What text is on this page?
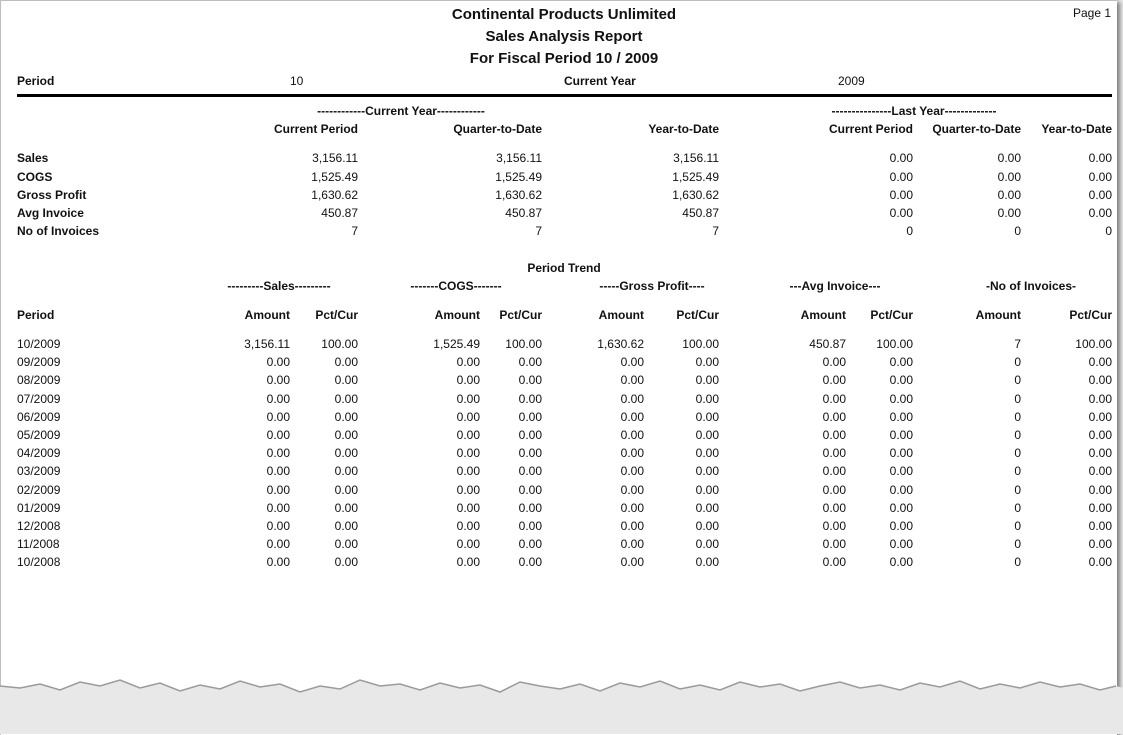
Page 1
Continental Products Unlimited
Sales Analysis Report
For Fiscal Period 10 / 2009
Period	10	Current Year	2009
------------Current Year------------	---------------Last Year-------------
Current Period	Quarter-to-Date	Year-to-Date	Current Period Quarter-to-Date Year-to-Date
Sales	3,156.11	3,156.11	3,156.11	0.00	0.00	0.00
COGS	1,525.49	1,525.49	1,525.49	0.00	0.00	0.00
Gross Profit	1,630.62	1,630.62	1,630.62	0.00	0.00	0.00
Avg Invoice	450.87	450.87	450.87	0.00	0.00	0.00
No of Invoices	7	7	7	0	0	0
Period Trend
---------Sales---------	-------COGS-------	-----Gross Profit----	---Avg Invoice---	-No of Invoices-
Period	Amount Pct/Cur	Amount Pct/Cur	Amount	Pct/Cur	Amount Pct/Cur	Amount	Pct/Cur
10/2009	3,156.11	100.00	1,525.49 100.00	1,630.62	100.00	450.87	100.00	7	100.00
09/2009	0.00	0.00	0.00	0.00	0.00	0.00	0.00	0.00	0	0.00
08/2009	0.00	0.00	0.00	0.00	0.00	0.00	0.00	0.00	0	0.00
07/2009	0.00	0.00	0.00	0.00	0.00	0.00	0.00	0.00	0	0.00
06/2009	0.00	0.00	0.00	0.00	0.00	0.00	0.00	0.00	0	0.00
05/2009	0.00	0.00	0.00	0.00	0.00	0.00	0.00	0.00	0	0.00
04/2009	0.00	0.00	0.00	0.00	0.00	0.00	0.00	0.00	0	0.00
03/2009	0.00	0.00	0.00	0.00	0.00	0.00	0.00	0.00	0	0.00
02/2009	0.00	0.00	0.00	0.00	0.00	0.00	0.00	0.00	0	0.00
01/2009	0.00	0.00	0.00	0.00	0.00	0.00	0.00	0.00	0	0.00
12/2008	0.00	0.00	0.00	0.00	0.00	0.00	0.00	0.00	0	0.00
11/2008	0.00	0.00	0.00	0.00	0.00	0.00	0.00	0.00	0	0.00
10/2008	0.00	0.00	0.00	0.00	0.00	0.00	0.00	0.00	0	0.00
